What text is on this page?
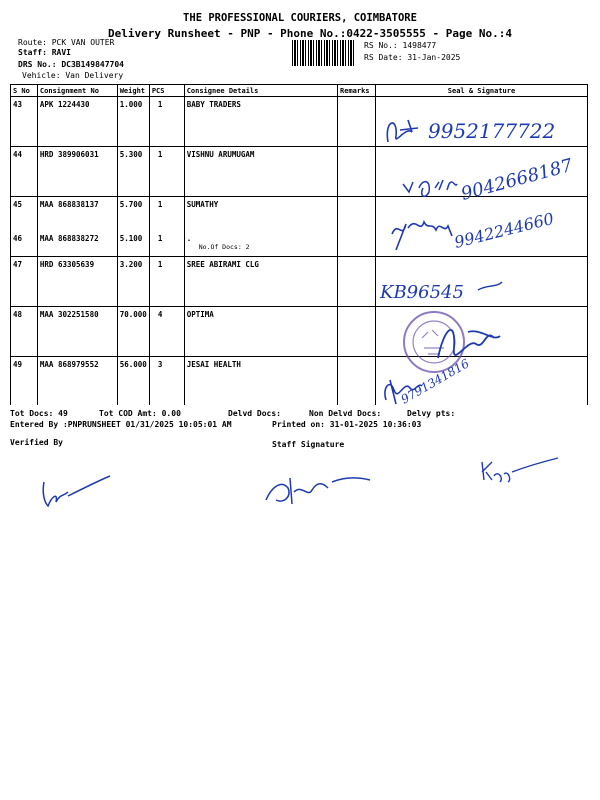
THE PROFESSIONAL COURIERS, COIMBATORE
Delivery Runsheet - PNP - Phone No.:0422-3505555 - Page No.:4
Route: PCK VAN OUTER
Staff: RAVI
DRS No.: DC3B149847704
Vehicle: Van Delivery
RS No.: 1498477
RS Date: 31-Jan-2025
S No	Consignment No	Weight	PCS	Consignee Details	Remarks	Seal & Signature
43	APK 1224430	1.000	1	BABY TRADERS		
44	HRD 389906031	5.300	1	VISHNU ARUMUGAM		
45	MAA 868838137	5.700	1	SUMATHY		
46	MAA 868838272	5.100	1	.
No.Of Docs: 2		

47	HRD 63305639	3.200	1	SREE ABIRAMI CLG		
48	MAA 302251580	70.000	4	OPTIMA		
49	MAA 868979552	56.000	3	JESAI HEALTH		
Tot Docs: 49	Tot COD Amt: 0.00	Delvd Docs:	Non Delvd Docs:	Delvy pts:
Entered By :PNPRUNSHEET 01/31/2025 10:05:01 AM	Printed on: 31-01-2025 10:36:03
Verified By	Staff Signature
9952177722
9042668187
9942244660
KB96545
9791341816
